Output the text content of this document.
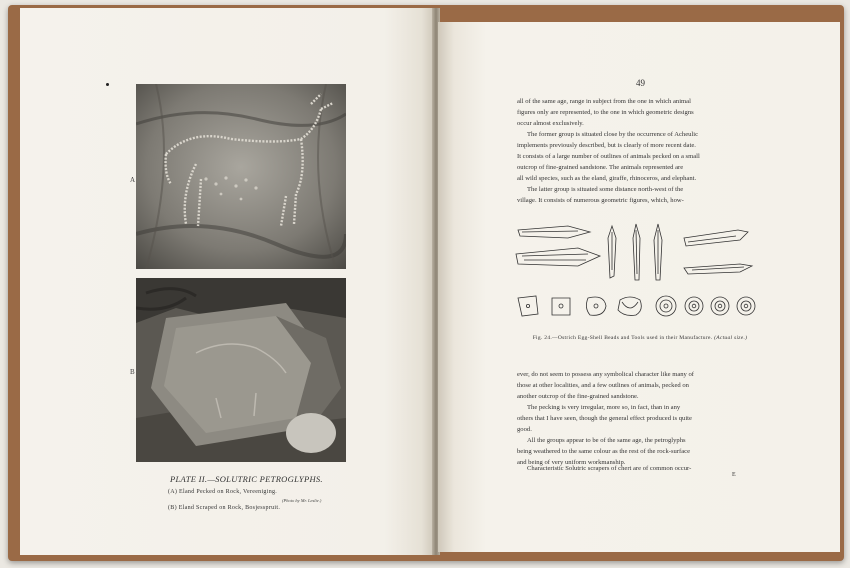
A
B
PLATE II.—SOLUTRIC PETROGLYPHS.
(A) Eland Pecked on Rock, Vereeniging.
(Photo by Mr. Leslie.)
(B) Eland Scraped on Rock, Bosjesspruit.
49
all of the same age, range in subject from the one in which animal
figures only are represented, to the one in which geometric designs
occur almost exclusively.
The former group is situated close by the occurrence of Acheulic
implements previously described, but is clearly of more recent date.
It consists of a large number of outlines of animals pecked on a small
outcrop of fine-grained sandstone. The animals represented are
all wild species, such as the eland, giraffe, rhinoceros, and elephant.
The latter group is situated some distance north-west of the
village. It consists of numerous geometric figures, which, how-
Fig. 24.—Ostrich Egg-Shell Beads and Tools used in their Manufacture. (Actual size.)
ever, do not seem to possess any symbolical character like many of
those at other localities, and a few outlines of animals, pecked on
another outcrop of the fine-grained sandstone.
The pecking is very irregular, more so, in fact, than in any
others that I have seen, though the general effect produced is quite
good.
All the groups appear to be of the same age, the petroglyphs
being weathered to the same colour as the rest of the rock-surface
and being of very uniform workmanship.
Characteristic Solutric scrapers of chert are of common occur-
E
